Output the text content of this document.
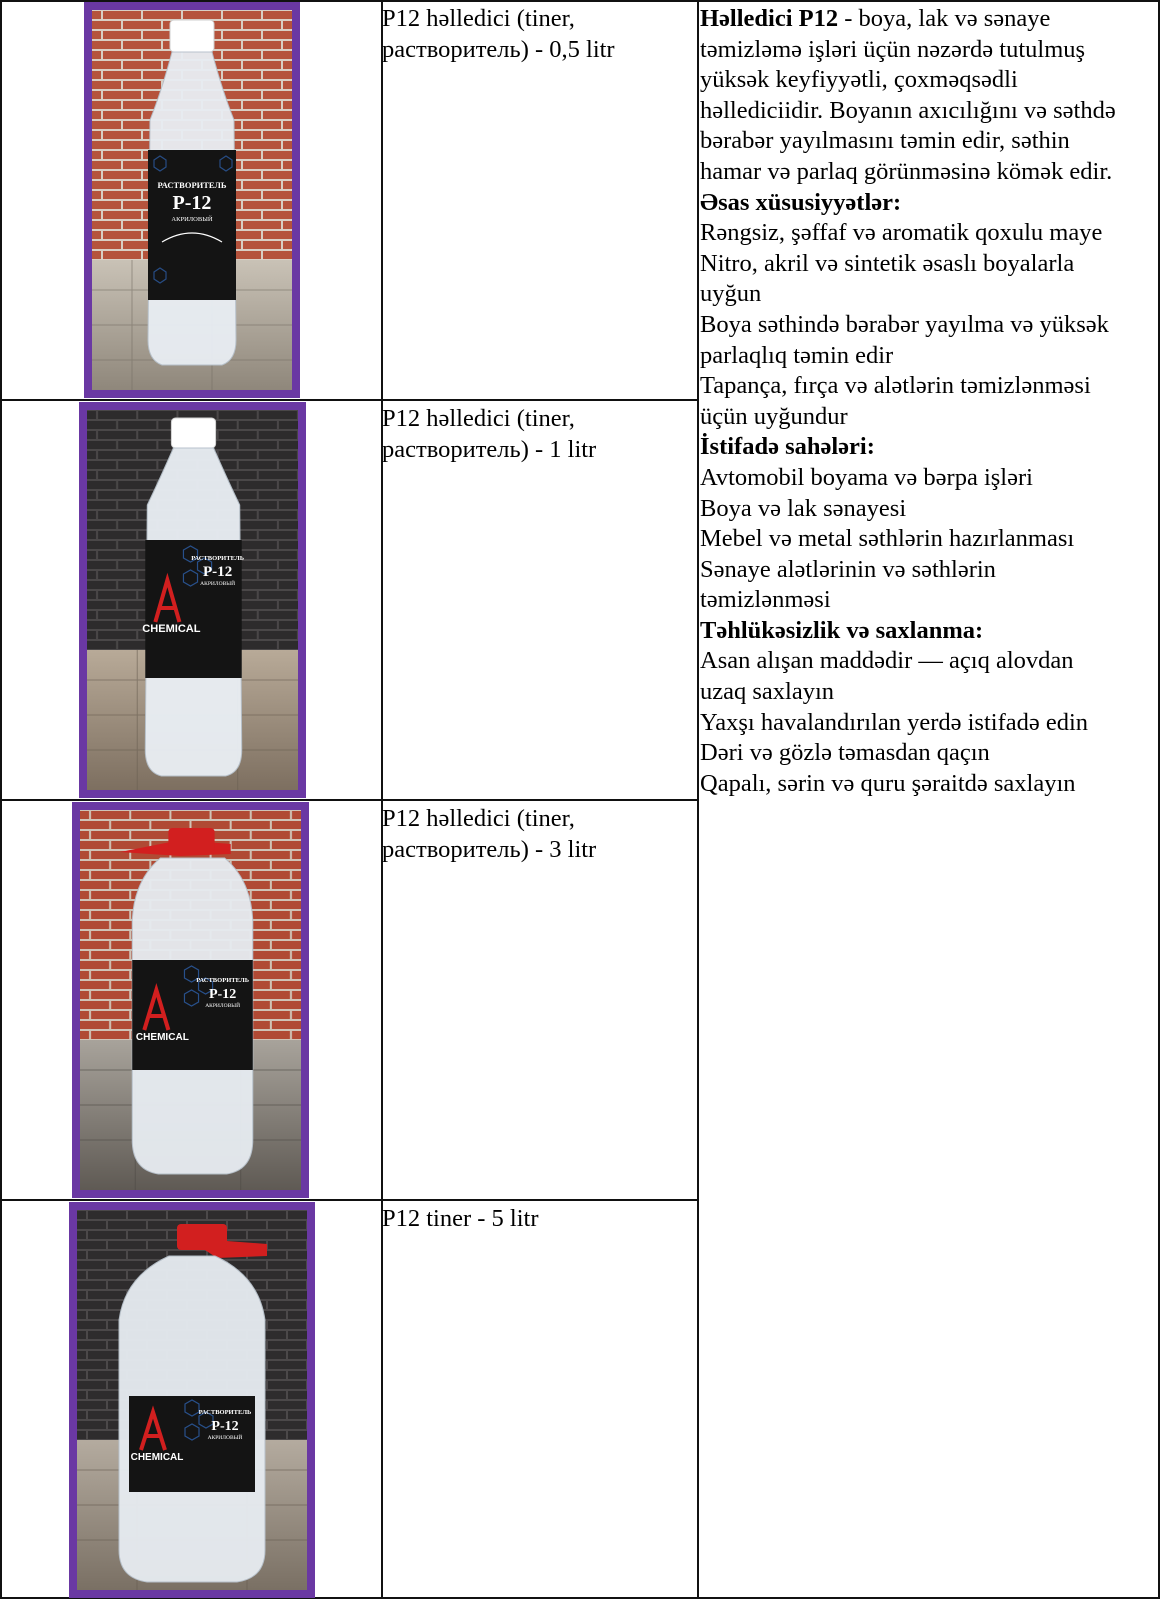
РАСТВОРИТЕЛЬ
Р-12
АКРИЛОВЫЙ
CHEMICAL
РАСТВОРИТЕЛЬ
Р-12
АКРИЛОВЫЙ
CHEMICAL
РАСТВОРИТЕЛЬ
Р-12
АКРИЛОВЫЙ
CHEMICAL
РАСТВОРИТЕЛЬ
Р-12
АКРИЛОВЫЙ
P12 həlledici (tiner,
растворитель) - 0,5 litr
P12 həlledici (tiner,
растворитель) - 1 litr
P12 həlledici (tiner,
растворитель) - 3 litr
P12 tiner - 5 litr
Həlledici P12 - boya, lak və sənaye
təmizləmə işləri üçün nəzərdə tutulmuş
yüksək keyfiyyətli, çoxməqsədli
həllediciidir. Boyanın axıcılığını və səthdə
bərabər yayılmasını təmin edir, səthin
hamar və parlaq görünməsinə kömək edir.
Əsas xüsusiyyətlər:
Rəngsiz, şəffaf və aromatik qoxulu maye
Nitro, akril və sintetik əsaslı boyalarla
uyğun
Boya səthində bərabər yayılma və yüksək
parlaqlıq təmin edir
Tapança, fırça və alətlərin təmizlənməsi
üçün uyğundur
İstifadə sahələri:
Avtomobil boyama və bərpa işləri
Boya və lak sənayesi
Mebel və metal səthlərin hazırlanması
Sənaye alətlərinin və səthlərin
təmizlənməsi
Təhlükəsizlik və saxlanma:
Asan alışan maddədir — açıq alovdan
uzaq saxlayın
Yaxşı havalandırılan yerdə istifadə edin
Dəri və gözlə təmasdan qaçın
Qapalı, sərin və quru şəraitdə saxlayın
